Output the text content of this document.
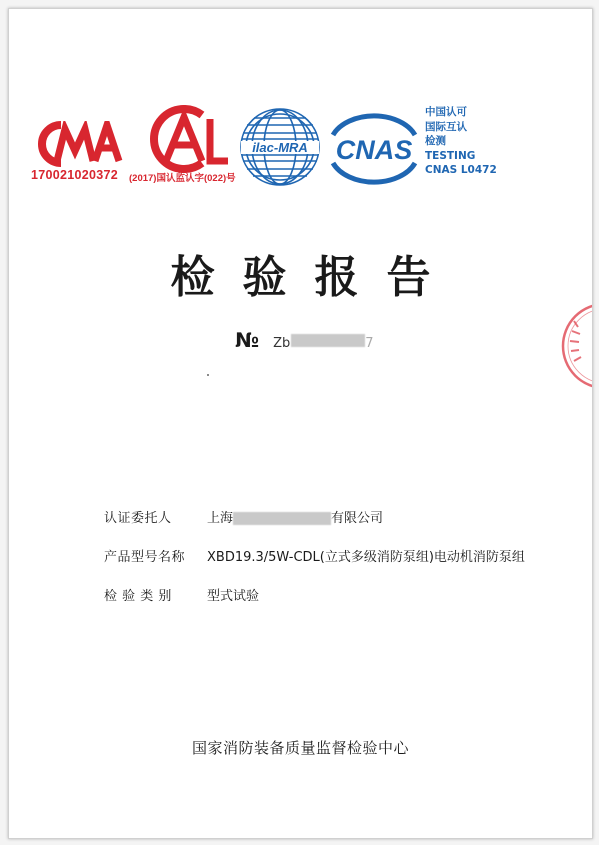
170021020372 (2017)国认监认字(022)号
ilac-MRA CNAS
中国认可
国际互认
检测
TESTING
CNAS L0472
检验报告
№ Zb	7
认证委托人	上海	有限公司
产品型号名称	XBD19.3/5W-CDL(立式多级消防泵组)电动机消防泵组
检 验 类 别	型式试验
国家消防装备质量监督检验中心
